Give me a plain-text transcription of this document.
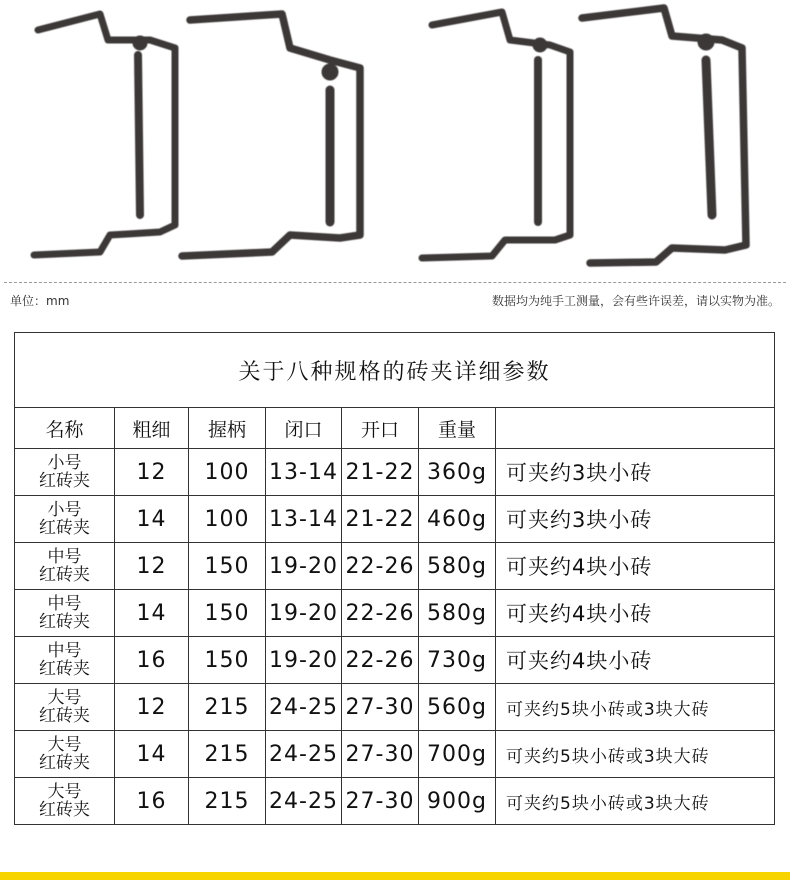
单位：mm	数据均为纯手工测量，会有些许误差，请以实物为准。
关于八种规格的砖夹详细参数						
名称	粗细	握柄	闭口	开口	重量	

小号
红砖夹	12	100	13-14	21-22	360g	可夹约3块小砖

小号
红砖夹	14	100	13-14	21-22	460g	可夹约3块小砖

中号
红砖夹	12	150	19-20	22-26	580g	可夹约4块小砖

中号
红砖夹	14	150	19-20	22-26	580g	可夹约4块小砖

中号
红砖夹	16	150	19-20	22-26	730g	可夹约4块小砖

大号
红砖夹	12	215	24-25	27-30	560g	可夹约5块小砖或3块大砖

大号
红砖夹	14	215	24-25	27-30	700g	可夹约5块小砖或3块大砖

大号
红砖夹	16	215	24-25	27-30	900g	可夹约5块小砖或3块大砖
